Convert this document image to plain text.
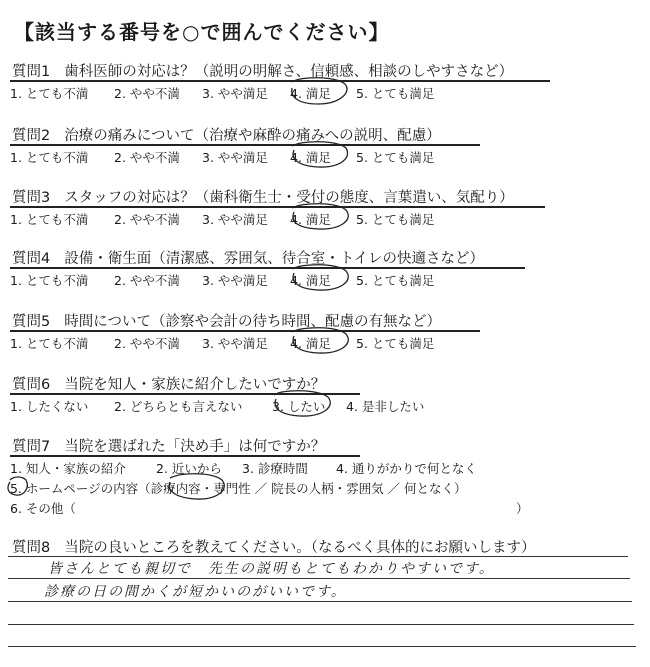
【該当する番号を○で囲んでください】
質問1 歯科医師の対応は？（説明の明解さ、信頼感、相談のしやすさなど）
1. とても不満 2. やや不満 3. やや満足 4. 満足 5. とても満足
質問2 治療の痛みについて（治療や麻酔の痛みへの説明、配慮）
1. とても不満 2. やや不満 3. やや満足 4. 満足 5. とても満足
質問3 スタッフの対応は？（歯科衛生士・受付の態度、言葉遣い、気配り）
1. とても不満 2. やや不満 3. やや満足 4. 満足 5. とても満足
質問4 設備・衛生面（清潔感、雰囲気、待合室・トイレの快適さなど）
1. とても不満 2. やや不満 3. やや満足 4. 満足 5. とても満足
質問5 時間について（診察や会計の待ち時間、配慮の有無など）
1. とても不満 2. やや不満 3. やや満足 4. 満足 5. とても満足
質問6 当院を知人・家族に紹介したいですか？
1. したくない 2. どちらとも言えない 3. したい 4. 是非したい
質問7 当院を選ばれた「決め手」は何ですか？
1. 知人・家族の紹介 2. 近いから 3. 診療時間 4. 通りがかりで何となく
5. ホームページの内容（診療内容・専門性 ／ 院長の人柄・雰囲気 ／ 何となく）
6. その他（	）
質問8 当院の良いところを教えてください。（なるべく具体的にお願いします）
皆さんとても親切で　先生の説明もとてもわかりやすいです。
診療の日の間かくが短かいのがいいです。
